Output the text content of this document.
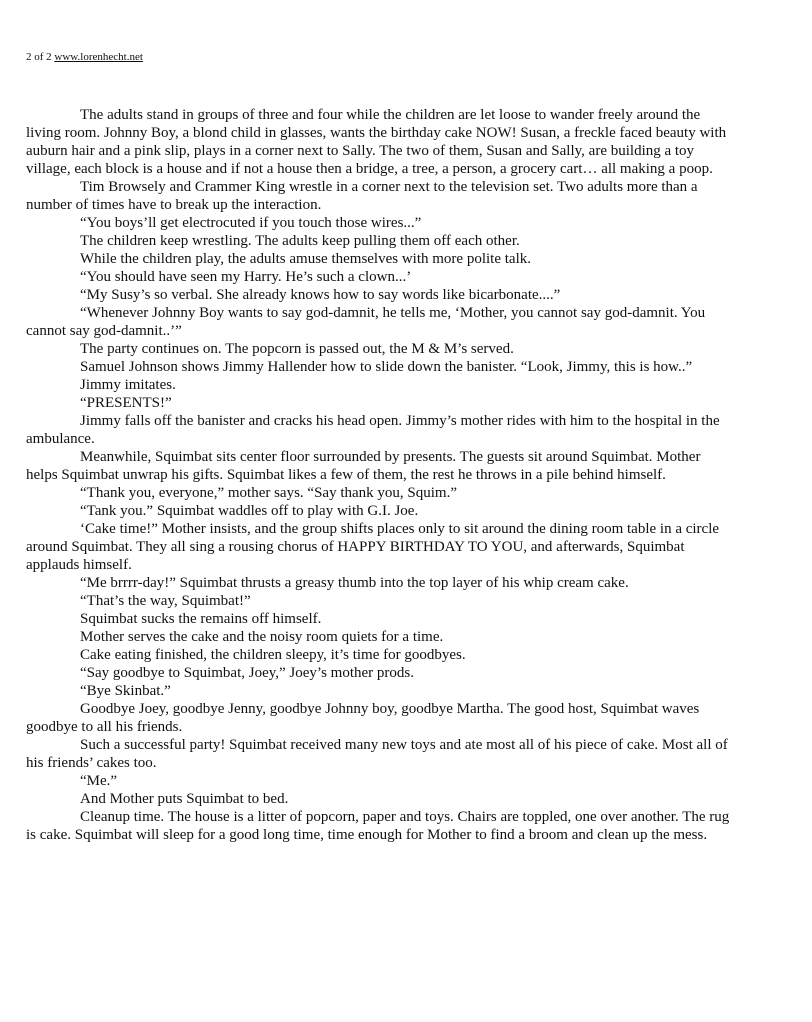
2 of 2 www.lorenhecht.net

The adults stand in groups of three and four while the children are let loose to wander freely around the living room. Johnny Boy, a blond child in glasses, wants the birthday cake NOW! Susan, a freckle faced beauty with auburn hair and a pink slip, plays in a corner next to Sally. The two of them, Susan and Sally, are building a toy village, each block is a house and if not a house then a bridge, a tree, a person, a grocery cart… all making a poop.

Tim Browsely and Crammer King wrestle in a corner next to the television set. Two adults more than a number of times have to break up the interaction.

“You boys’ll get electrocuted if you touch those wires...”

The children keep wrestling. The adults keep pulling them off each other.

While the children play, the adults amuse themselves with more polite talk.

“You should have seen my Harry. He’s such a clown...’

“My Susy’s so verbal. She already knows how to say words like bicarbonate....”

“Whenever Johnny Boy wants to say god-damnit, he tells me, ‘Mother, you cannot say god-damnit. You cannot say god-damnit..’”

The party continues on. The popcorn is passed out, the M & M’s served.

Samuel Johnson shows Jimmy Hallender how to slide down the banister. “Look, Jimmy, this is how..”

Jimmy imitates.

“PRESENTS!”

Jimmy falls off the banister and cracks his head open. Jimmy’s mother rides with him to the hospital in the ambulance.

Meanwhile, Squimbat sits center floor surrounded by presents. The guests sit around Squimbat. Mother helps Squimbat unwrap his gifts. Squimbat likes a few of them, the rest he throws in a pile behind himself.

“Thank you, everyone,” mother says. “Say thank you, Squim.”

“Tank you.” Squimbat waddles off to play with G.I. Joe.

‘Cake time!” Mother insists, and the group shifts places only to sit around the dining room table in a circle around Squimbat. They all sing a rousing chorus of HAPPY BIRTHDAY TO YOU, and afterwards, Squimbat applauds himself.

“Me brrrr-day!” Squimbat thrusts a greasy thumb into the top layer of his whip cream cake.

“That’s the way, Squimbat!”

Squimbat sucks the remains off himself.

Mother serves the cake and the noisy room quiets for a time.

Cake eating finished, the children sleepy, it’s time for goodbyes.

“Say goodbye to Squimbat, Joey,” Joey’s mother prods.

“Bye Skinbat.”

Goodbye Joey, goodbye Jenny, goodbye Johnny boy, goodbye Martha. The good host, Squimbat waves goodbye to all his friends.

Such a successful party! Squimbat received many new toys and ate most all of his piece of cake. Most all of his friends’ cakes too.

“Me.”

And Mother puts Squimbat to bed.

Cleanup time. The house is a litter of popcorn, paper and toys. Chairs are toppled, one over another. The rug is cake. Squimbat will sleep for a good long time, time enough for Mother to find a broom and clean up the mess.
